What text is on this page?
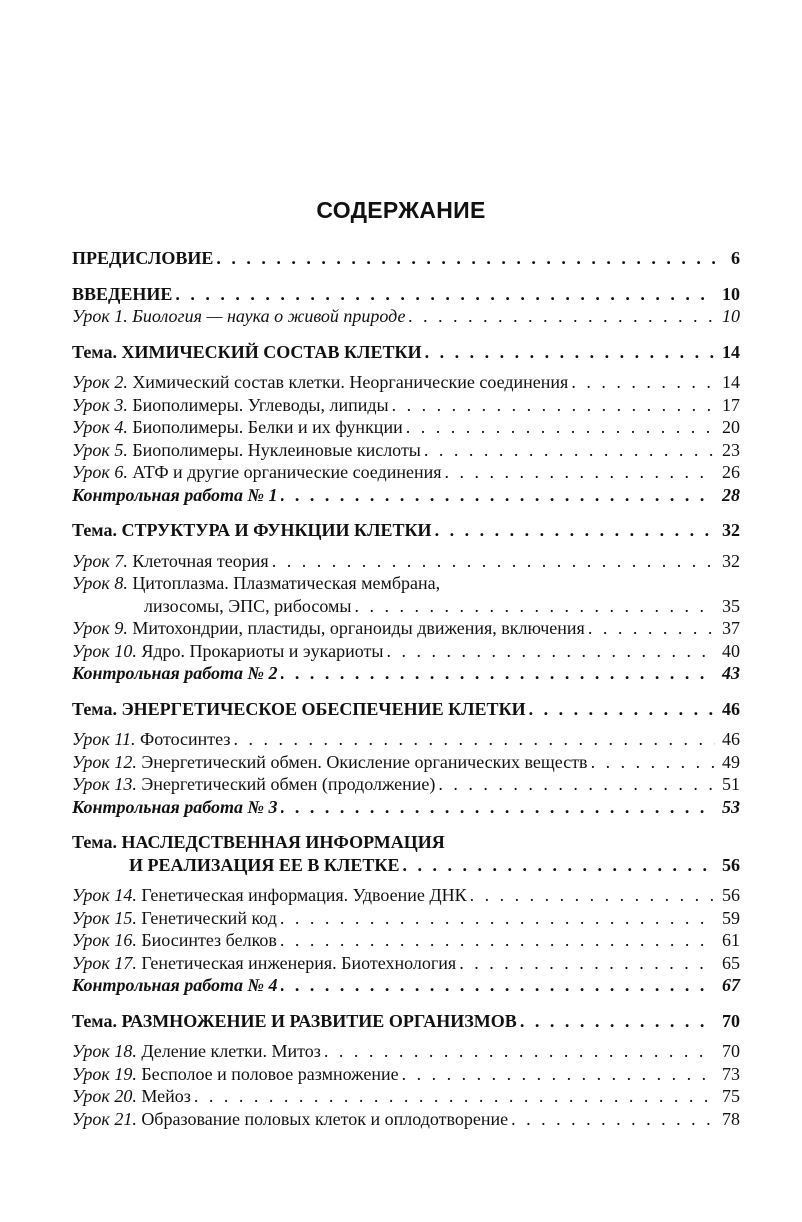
СОДЕРЖАНИЕ
ПРЕДИСЛОВИЕ . . .	6
ВВЕДЕНИЕ . . .	10
Урок 1. Биология — наука о живой природе . . .	10
Тема. ХИМИЧЕСКИЙ СОСТАВ КЛЕТКИ . . .	14
Урок 2. Химический состав клетки. Неорганические соединения . . .	14
Урок 3. Биополимеры. Углеводы, липиды . . .	17
Урок 4. Биополимеры. Белки и их функции . . .	20
Урок 5. Биополимеры. Нуклеиновые кислоты . . .	23
Урок 6. АТФ и другие органические соединения . . .	26
Контрольная работа № 1 . . .	28
Тема. СТРУКТУРА И ФУНКЦИИ КЛЕТКИ . . .	32
Урок 7. Клеточная теория . . .	32
Урок 8. Цитоплазма. Плазматическая мембрана,
лизосомы, ЭПС, рибосомы . . .	35
Урок 9. Митохондрии, пластиды, органоиды движения, включения . . .	37
Урок 10. Ядро. Прокариоты и эукариоты . . .	40
Контрольная работа № 2 . . .	43
Тема. ЭНЕРГЕТИЧЕСКОЕ ОБЕСПЕЧЕНИЕ КЛЕТКИ . . .	46
Урок 11. Фотосинтез . . .	46
Урок 12. Энергетический обмен. Окисление органических веществ . . .	49
Урок 13. Энергетический обмен (продолжение) . . .	51
Контрольная работа № 3 . . .	53
Тема. НАСЛЕДСТВЕННАЯ ИНФОРМАЦИЯ
И РЕАЛИЗАЦИЯ ЕЕ В КЛЕТКЕ . . .	56
Урок 14. Генетическая информация. Удвоение ДНК . . .	56
Урок 15. Генетический код . . .	59
Урок 16. Биосинтез белков . . .	61
Урок 17. Генетическая инженерия. Биотехнология . . .	65
Контрольная работа № 4 . . .	67
Тема. РАЗМНОЖЕНИЕ И РАЗВИТИЕ ОРГАНИЗМОВ . . .	70
Урок 18. Деление клетки. Митоз . . .	70
Урок 19. Бесполое и половое размножение . . .	73
Урок 20. Мейоз . . .	75
Урок 21. Образование половых клеток и оплодотворение . . .	78
